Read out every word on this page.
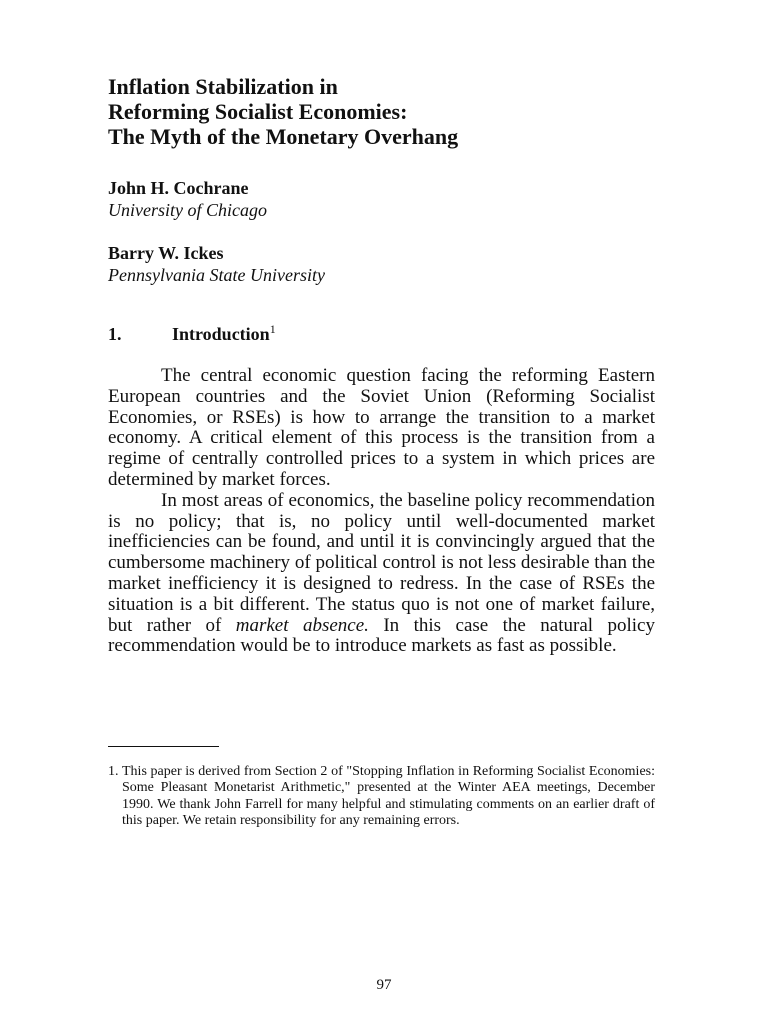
Inflation Stabilization in
Reforming Socialist Economies:
The Myth of the Monetary Overhang
John H. Cochrane
University of Chicago
Barry W. Ickes
Pennsylvania State University
1.	Introduction$^1$

The central economic question facing the reforming Eastern European countries and the Soviet Union (Reforming Socialist Economies, or RSEs) is how to arrange the transition to a market economy. A critical element of this process is the transition from a regime of centrally controlled prices to a system in which prices are determined by market forces.

In most areas of economics, the baseline policy recommendation is no policy; that is, no policy until well-documented market inefficiencies can be found, and until it is convincingly argued that the cumbersome machinery of political control is not less desirable than the market inefficiency it is designed to redress. In the case of RSEs the situation is a bit different. The status quo is not one of market failure, but rather of market absence. In this case the natural policy recommendation would be to introduce markets as fast as possible.

1. This paper is derived from Section 2 of "Stopping Inflation in Reforming Socialist Economies: Some Pleasant Monetarist Arithmetic," presented at the Winter AEA meetings, December 1990. We thank John Farrell for many helpful and stimulating comments on an earlier draft of this paper. We retain responsibility for any remaining errors.
97
